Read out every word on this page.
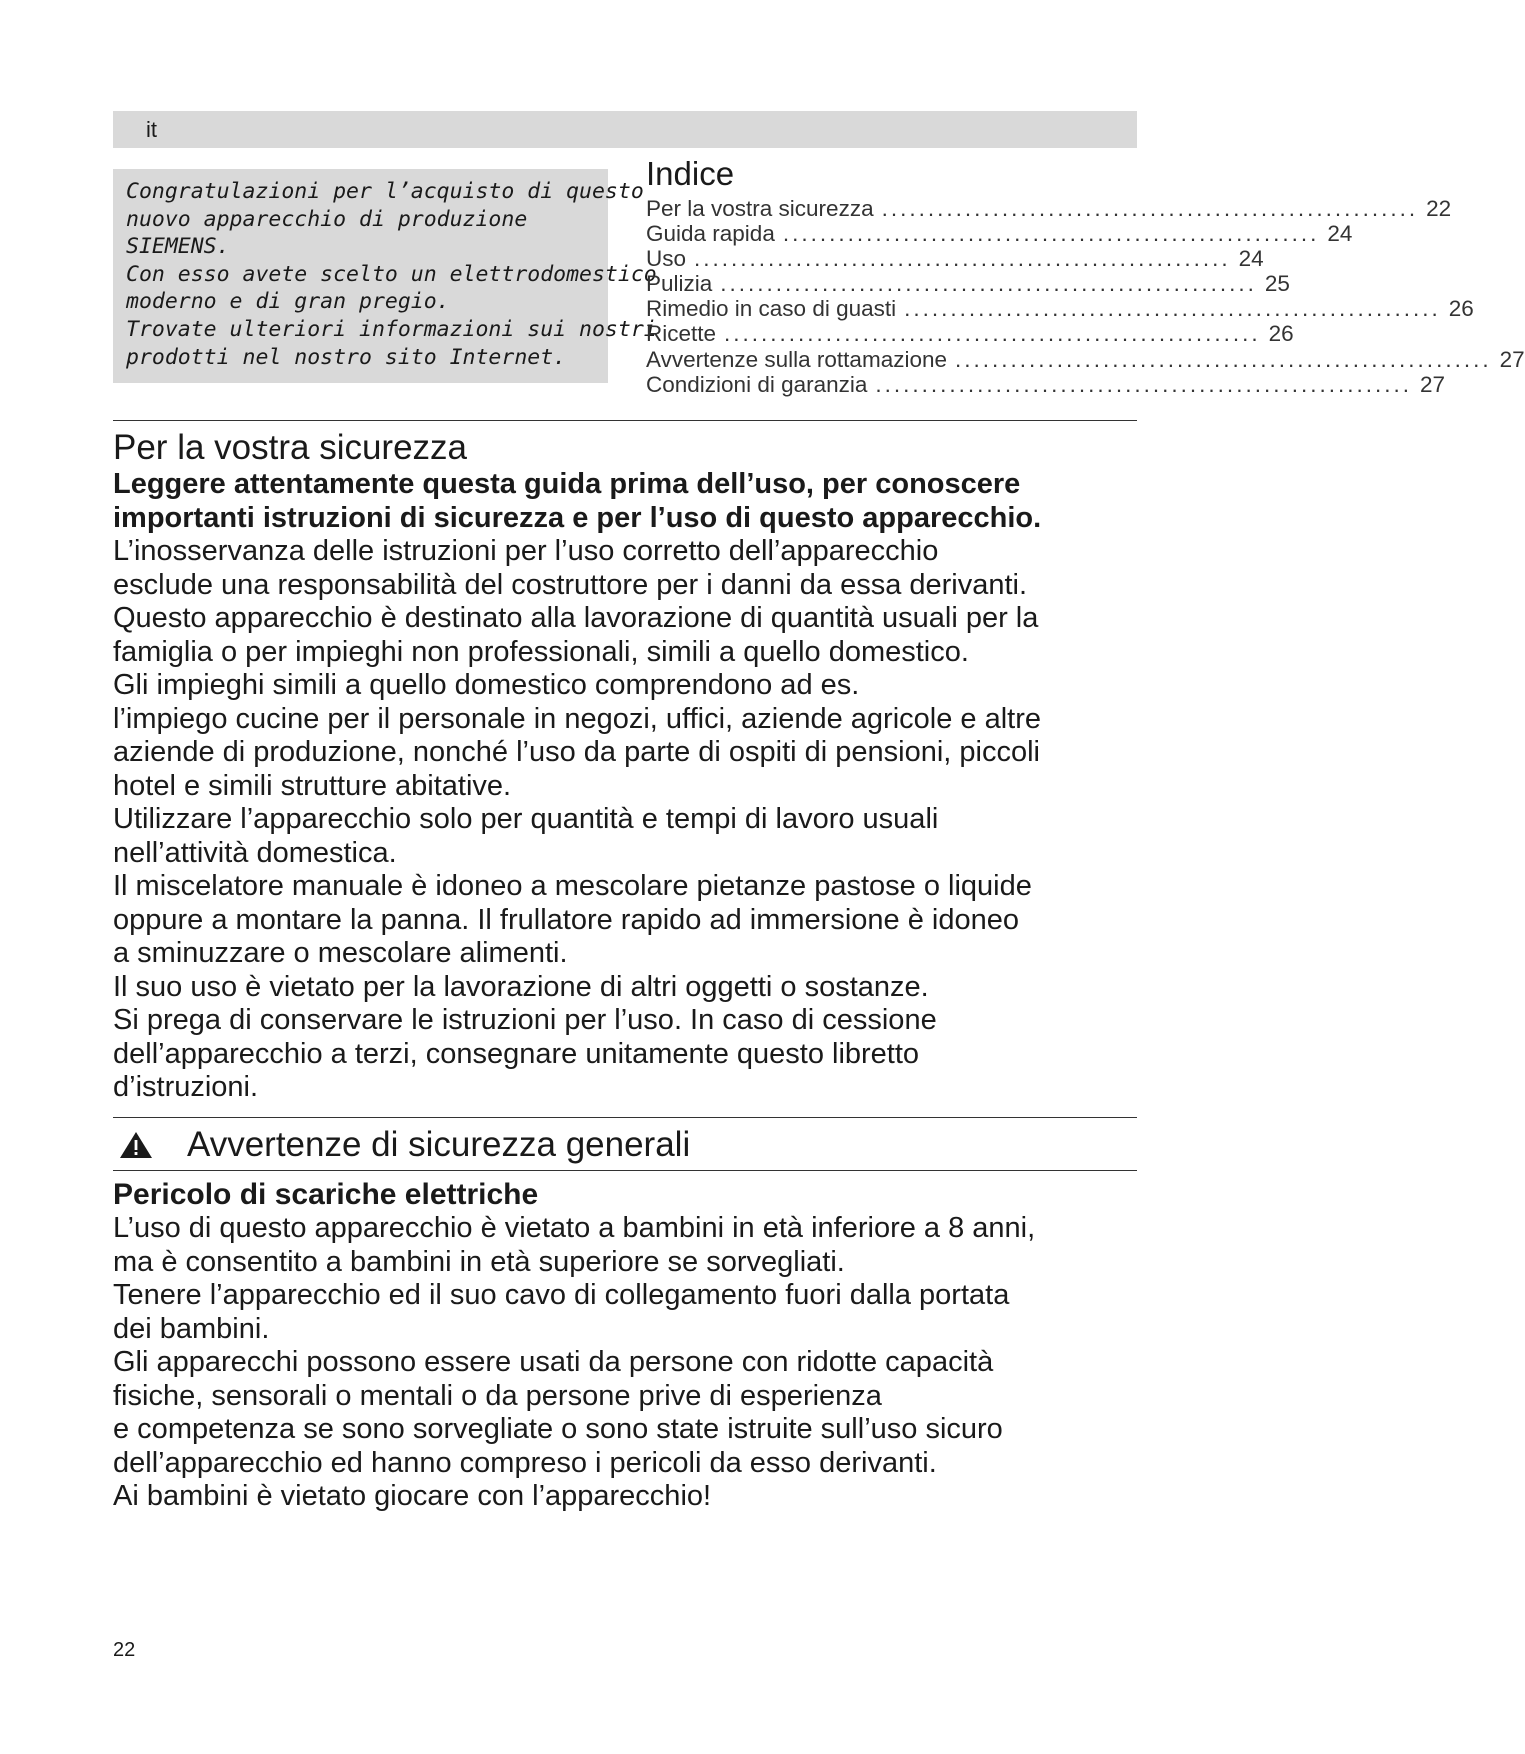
it

Congratulazioni per l’acquisto di questo

nuovo apparecchio di produzione

SIEMENS.

Con esso avete scelto un elettrodomestico

moderno e di gran pregio.

Trovate ulteriori informazioni sui nostri

prodotti nel nostro sito Internet.

Indice
Per la vostra sicurezza .......................................................... 22
Guida rapida .......................................................... 24
Uso .......................................................... 24
Pulizia .......................................................... 25
Rimedio in caso di guasti .......................................................... 26
Ricette .......................................................... 26
Avvertenze sulla rottamazione .......................................................... 27
Condizioni di garanzia .......................................................... 27
Per la vostra sicurezza

Leggere attentamente questa guida prima dell’uso, per conoscere

importanti istruzioni di sicurezza e per l’uso di questo apparecchio.

L’inosservanza delle istruzioni per l’uso corretto dell’apparecchio

esclude una responsabilità del costruttore per i danni da essa derivanti.

Questo apparecchio è destinato alla lavorazione di quantità usuali per la

famiglia o per impieghi non professionali, simili a quello domestico.

Gli impieghi simili a quello domestico comprendono ad es.

l’impiego cucine per il personale in negozi, uffici, aziende agricole e altre

aziende di produzione, nonché l’uso da parte di ospiti di pensioni, piccoli

hotel e simili strutture abitative.

Utilizzare l’apparecchio solo per quantità e tempi di lavoro usuali

nell’attività domestica.

Il miscelatore manuale è idoneo a mescolare pietanze pastose o liquide

oppure a montare la panna. Il frullatore rapido ad immersione è idoneo

a sminuzzare o mescolare alimenti.

Il suo uso è vietato per la lavorazione di altri oggetti o sostanze.

Si prega di conservare le istruzioni per l’uso. In caso di cessione

dell’apparecchio a terzi, consegnare unitamente questo libretto

d’istruzioni.

Avvertenze di sicurezza generali
Pericolo di scariche elettriche

L’uso di questo apparecchio è vietato a bambini in età inferiore a 8 anni,

ma è consentito a bambini in età superiore se sorvegliati.

Tenere l’apparecchio ed il suo cavo di collegamento fuori dalla portata

dei bambini.

Gli apparecchi possono essere usati da persone con ridotte capacità

fisiche, sensorali o mentali o da persone prive di esperienza

e competenza se sono sorvegliate o sono state istruite sull’uso sicuro

dell’apparecchio ed hanno compreso i pericoli da esso derivanti.

Ai bambini è vietato giocare con l’apparecchio!

22
